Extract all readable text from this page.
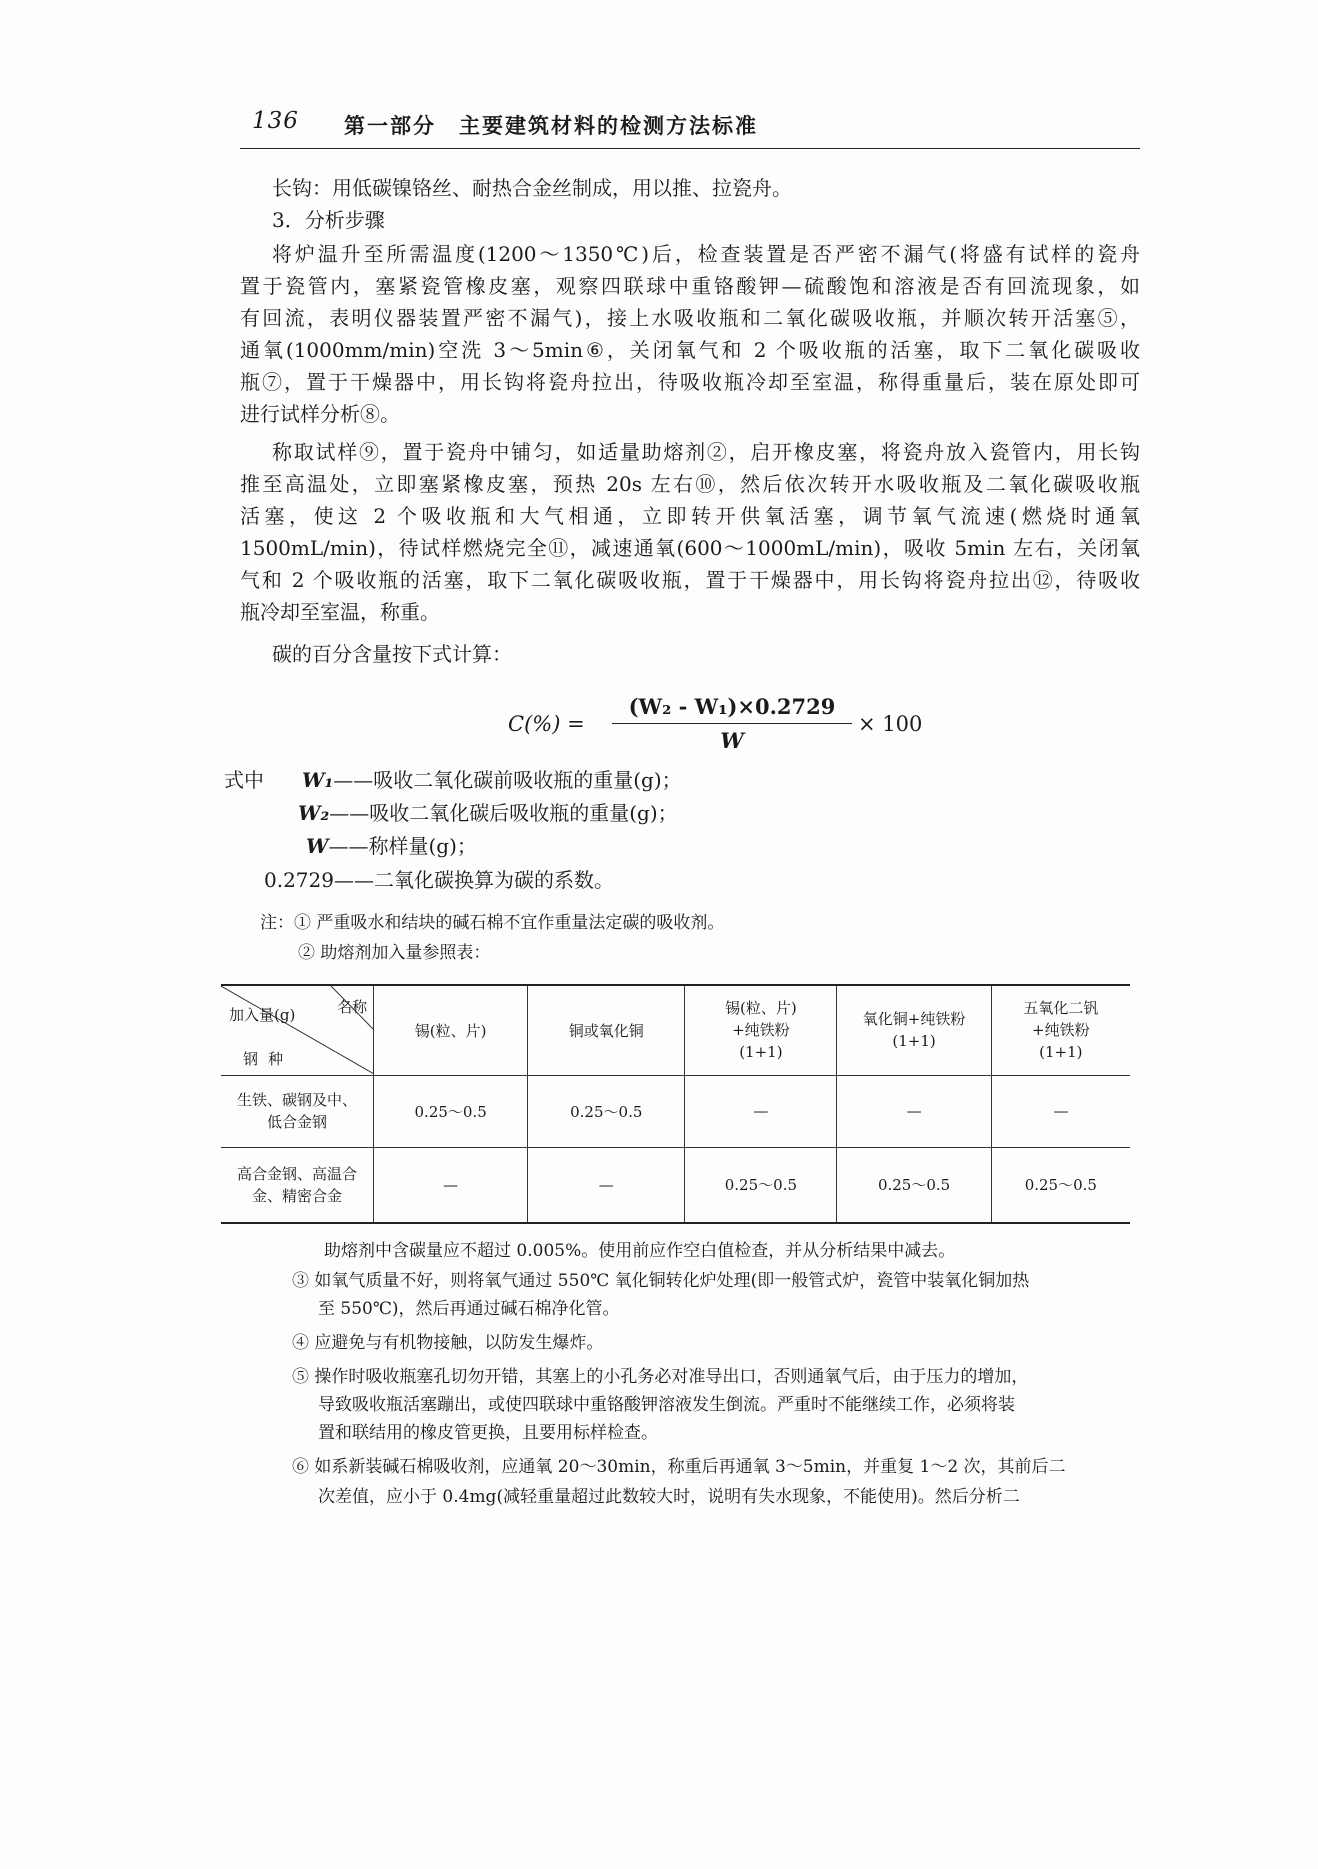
136 第一部分　主要建筑材料的检测方法标准
长钩：用低碳镍铬丝、耐热合金丝制成，用以推、拉瓷舟。
3．分析步骤
将炉温升至所需温度(1200～1350℃)后，检查装置是否严密不漏气(将盛有试样的瓷舟
置于瓷管内，塞紧瓷管橡皮塞，观察四联球中重铬酸钾—硫酸饱和溶液是否有回流现象，如
有回流，表明仪器装置严密不漏气)，接上水吸收瓶和二氧化碳吸收瓶，并顺次转开活塞⑤，
通氧(1000mm/min)空洗 3～5min⑥，关闭氧气和 2 个吸收瓶的活塞，取下二氧化碳吸收
瓶⑦，置于干燥器中，用长钩将瓷舟拉出，待吸收瓶冷却至室温，称得重量后，装在原处即可
进行试样分析⑧。
称取试样⑨，置于瓷舟中铺匀，如适量助熔剂②，启开橡皮塞，将瓷舟放入瓷管内，用长钩
推至高温处，立即塞紧橡皮塞，预热 20s 左右⑩，然后依次转开水吸收瓶及二氧化碳吸收瓶
活塞，使这 2 个吸收瓶和大气相通，立即转开供氧活塞，调节氧气流速(燃烧时通氧
1500mL/min)，待试样燃烧完全⑪，减速通氧(600～1000mL/min)，吸收 5min 左右，关闭氧
气和 2 个吸收瓶的活塞，取下二氧化碳吸收瓶，置于干燥器中，用长钩将瓷舟拉出⑫，待吸收
瓶冷却至室温，称重。
碳的百分含量按下式计算：
C(%) =
(W₂ - W₁)×0.2729
W
× 100
式中 W₁——吸收二氧化碳前吸收瓶的重量(g)；
W₂——吸收二氧化碳后吸收瓶的重量(g)；
W——称样量(g)；
0.2729——二氧化碳换算为碳的系数。
注：① 严重吸水和结块的碱石棉不宜作重量法定碳的吸收剂。
② 助熔剂加入量参照表：
名称
加入量(g)
钢种	锡(粒、片)	铜或氧化铜	锡(粒、片)
+纯铁粉
(1+1)	氧化铜+纯铁粉
(1+1)	五氧化二钒
+纯铁粉
(1+1)
生铁、碳钢及中、
低合金钢	0.25～0.5	0.25～0.5	—	—	—
高合金钢、高温合
金、精密合金	—	—	0.25～0.5	0.25～0.5	0.25～0.5
助熔剂中含碳量应不超过 0.005%。使用前应作空白值检查，并从分析结果中减去。
③ 如氧气质量不好，则将氧气通过 550℃ 氧化铜转化炉处理(即一般管式炉，瓷管中装氧化铜加热
至 550℃)，然后再通过碱石棉净化管。
④ 应避免与有机物接触，以防发生爆炸。
⑤ 操作时吸收瓶塞孔切勿开错，其塞上的小孔务必对准导出口，否则通氧气后，由于压力的增加，
导致吸收瓶活塞蹦出，或使四联球中重铬酸钾溶液发生倒流。严重时不能继续工作，必须将装
置和联结用的橡皮管更换，且要用标样检查。
⑥ 如系新装碱石棉吸收剂，应通氧 20～30min，称重后再通氧 3～5min，并重复 1～2 次，其前后二
次差值，应小于 0.4mg(减轻重量超过此数较大时，说明有失水现象，不能使用)。然后分析二
